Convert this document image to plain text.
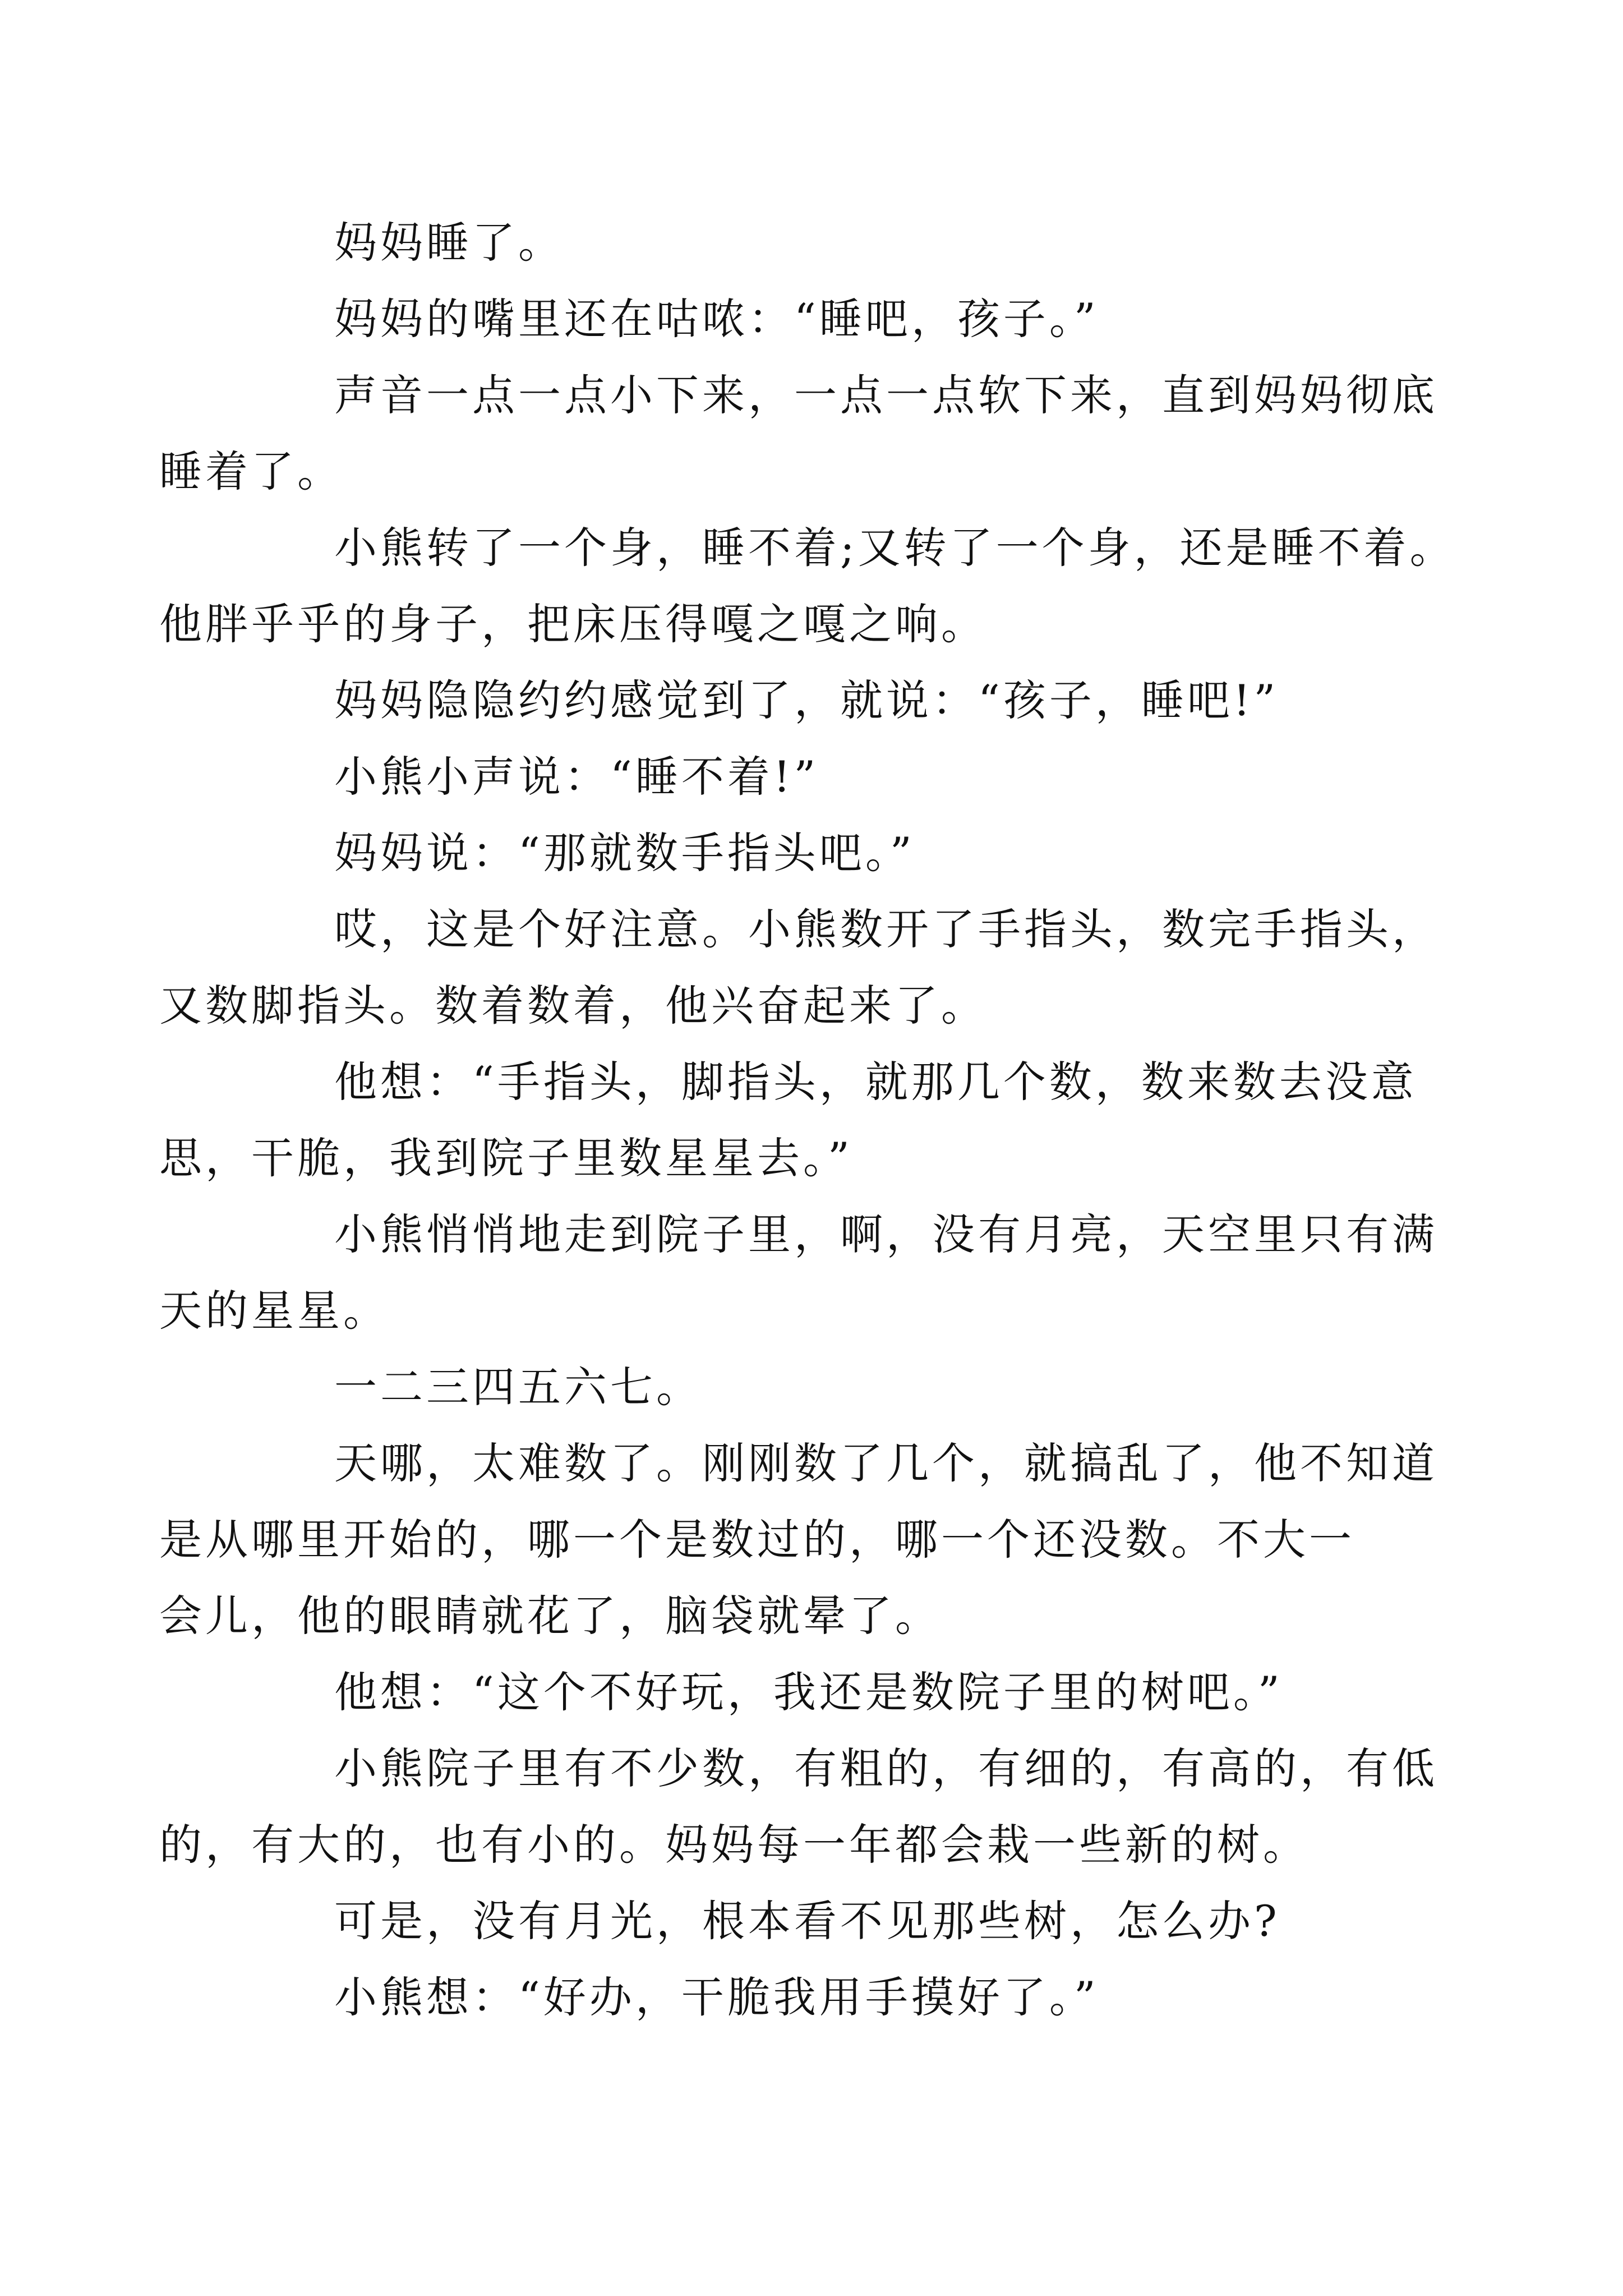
妈妈睡了。

妈妈的嘴里还在咕哝：“睡吧，孩子。”

声音一点一点小下来，一点一点软下来，直到妈妈彻底
睡着了。

小熊转了一个身，睡不着;又转了一个身，还是睡不着。
他胖乎乎的身子，把床压得嘎之嘎之响。

妈妈隐隐约约感觉到了，就说：“孩子，睡吧!”

小熊小声说：“睡不着!”

妈妈说：“那就数手指头吧。”

哎，这是个好注意。小熊数开了手指头，数完手指头，
又数脚指头。数着数着，他兴奋起来了。

他想：“手指头，脚指头，就那几个数，数来数去没意
思，干脆，我到院子里数星星去。”

小熊悄悄地走到院子里，啊，没有月亮，天空里只有满
天的星星。

一二三四五六七。

天哪，太难数了。刚刚数了几个，就搞乱了，他不知道
是从哪里开始的，哪一个是数过的，哪一个还没数。不大一
会儿，他的眼睛就花了，脑袋就晕了。

他想：“这个不好玩，我还是数院子里的树吧。”

小熊院子里有不少数，有粗的，有细的，有高的，有低
的，有大的，也有小的。妈妈每一年都会栽一些新的树。

可是，没有月光，根本看不见那些树，怎么办?

小熊想：“好办，干脆我用手摸好了。”
